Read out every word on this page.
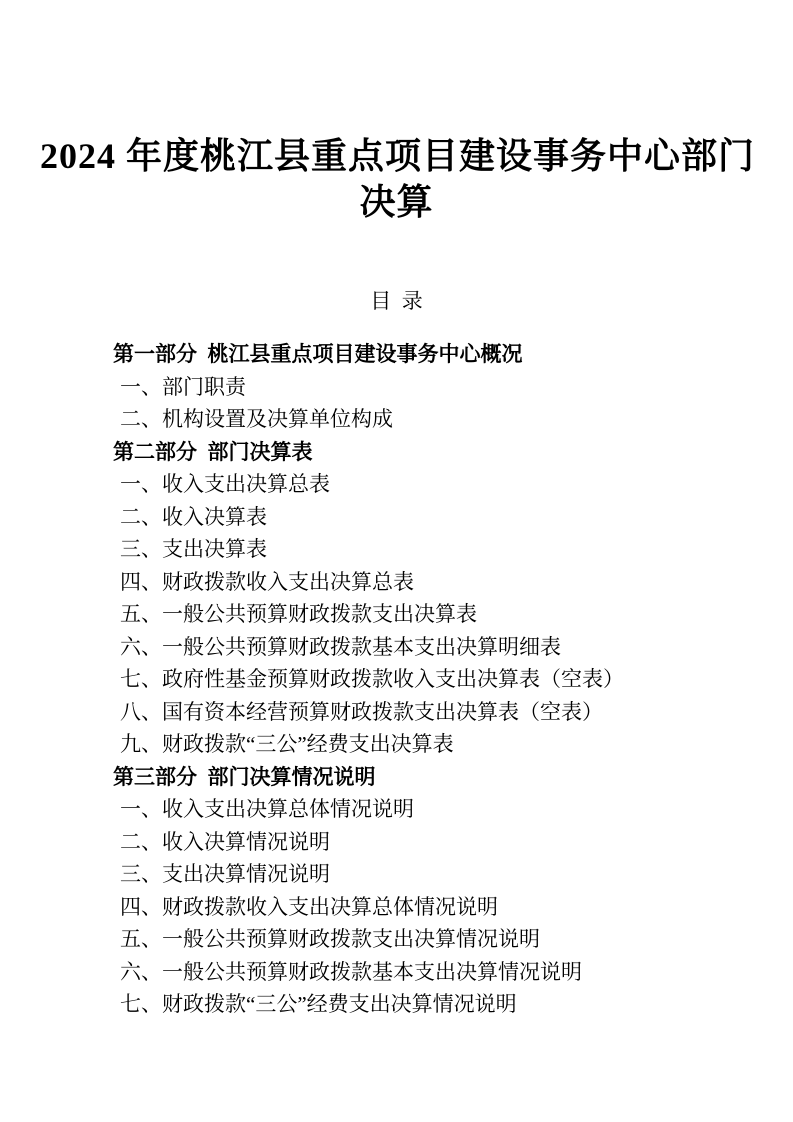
2024 年度桃江县重点项目建设事务中心部门
决算
目  录
第一部分  桃江县重点项目建设事务中心概况
一、部门职责
二、机构设置及决算单位构成
第二部分  部门决算表
一、收入支出决算总表
二、收入决算表
三、支出决算表
四、财政拨款收入支出决算总表
五、一般公共预算财政拨款支出决算表
六、一般公共预算财政拨款基本支出决算明细表
七、政府性基金预算财政拨款收入支出决算表（空表）
八、国有资本经营预算财政拨款支出决算表（空表）
九、财政拨款“三公”经费支出决算表
第三部分  部门决算情况说明
一、收入支出决算总体情况说明
二、收入决算情况说明
三、支出决算情况说明
四、财政拨款收入支出决算总体情况说明
五、一般公共预算财政拨款支出决算情况说明
六、一般公共预算财政拨款基本支出决算情况说明
七、财政拨款“三公”经费支出决算情况说明
